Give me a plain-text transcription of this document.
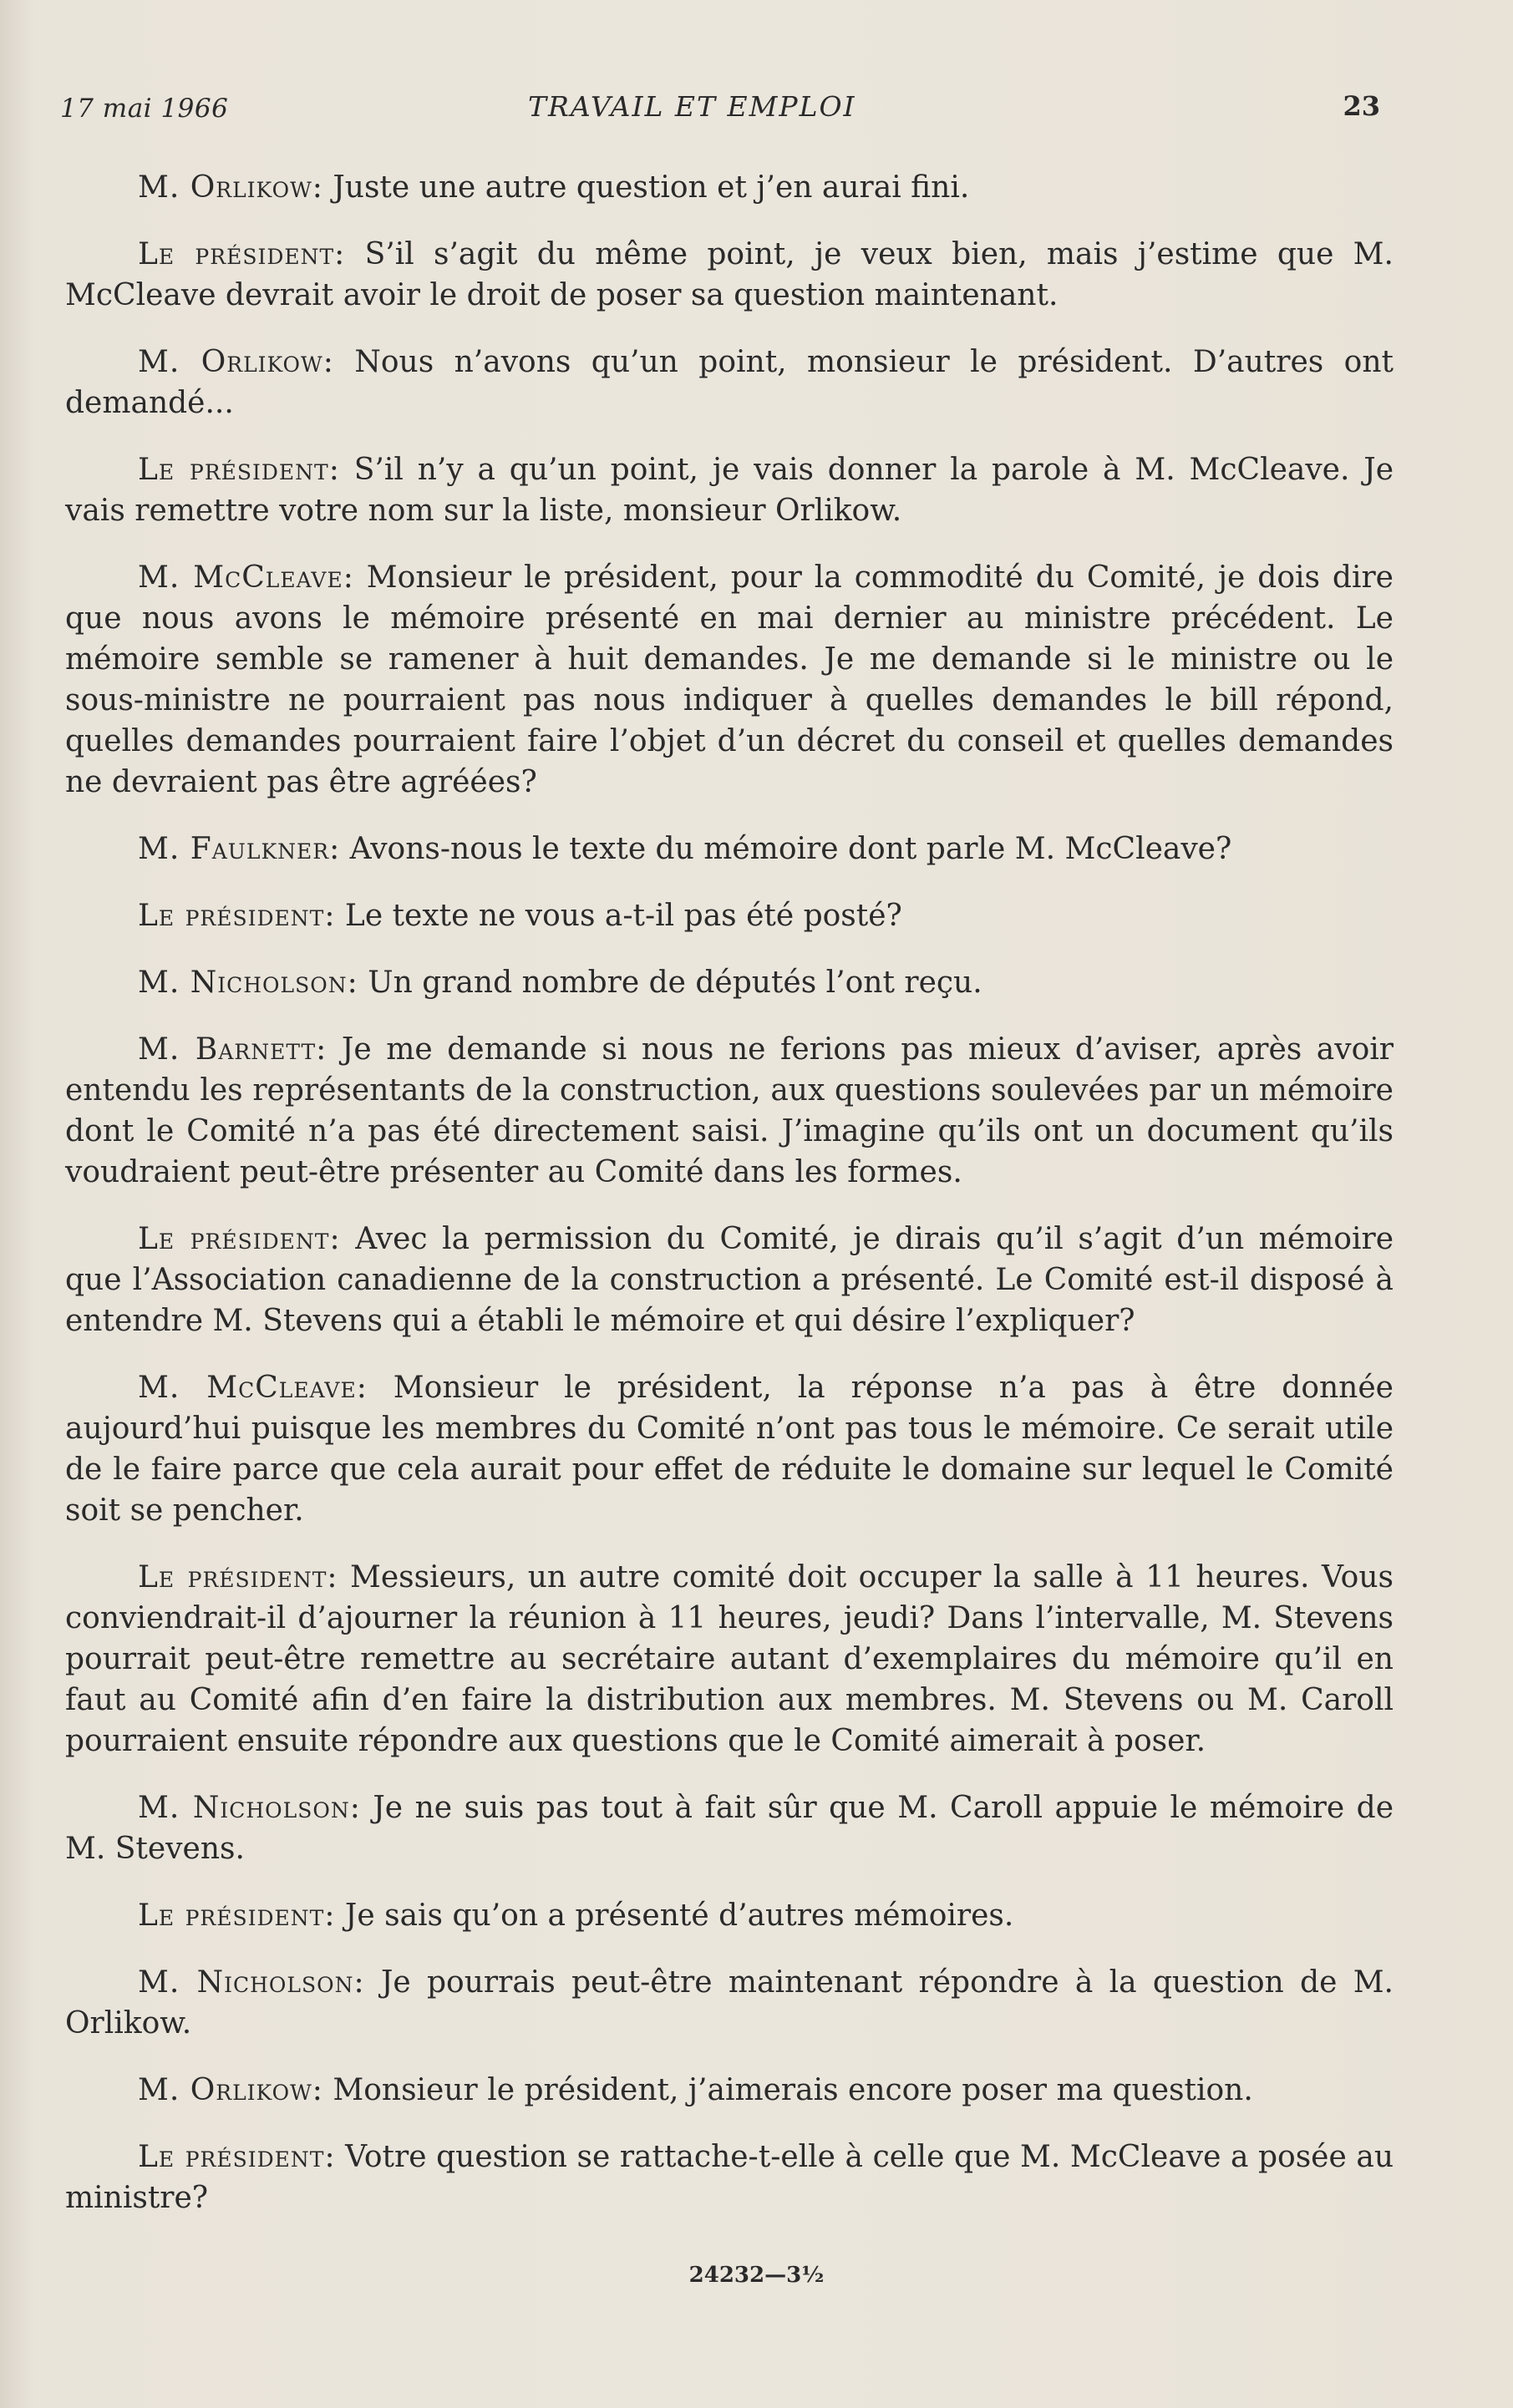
17 mai 1966	TRAVAIL ET EMPLOI	23

M. Orlikow: Juste une autre question et j’en aurai fini.

Le président: S’il s’agit du même point, je veux bien, mais j’estime que M. McCleave devrait avoir le droit de poser sa question maintenant.

M. Orlikow: Nous n’avons qu’un point, monsieur le président. D’autres ont demandé...

Le président: S’il n’y a qu’un point, je vais donner la parole à M. McCleave. Je vais remettre votre nom sur la liste, monsieur Orlikow.

M. McCleave: Monsieur le président, pour la commodité du Comité, je dois dire que nous avons le mémoire présenté en mai dernier au ministre précédent. Le mémoire semble se ramener à huit demandes. Je me demande si le ministre ou le sous-ministre ne pourraient pas nous indiquer à quelles demandes le bill répond, quelles demandes pourraient faire l’objet d’un décret du conseil et quelles demandes ne devraient pas être agréées?

M. Faulkner: Avons-nous le texte du mémoire dont parle M. McCleave?

Le président: Le texte ne vous a-t-il pas été posté?

M. Nicholson: Un grand nombre de députés l’ont reçu.

M. Barnett: Je me demande si nous ne ferions pas mieux d’aviser, après avoir entendu les représentants de la construction, aux questions soulevées par un mémoire dont le Comité n’a pas été directement saisi. J’imagine qu’ils ont un document qu’ils voudraient peut-être présenter au Comité dans les formes.

Le président: Avec la permission du Comité, je dirais qu’il s’agit d’un mémoire que l’Association canadienne de la construction a présenté. Le Comité est-il disposé à entendre M. Stevens qui a établi le mémoire et qui désire l’expliquer?

M. McCleave: Monsieur le président, la réponse n’a pas à être donnée aujourd’hui puisque les membres du Comité n’ont pas tous le mémoire. Ce serait utile de le faire parce que cela aurait pour effet de réduite le domaine sur lequel le Comité soit se pencher.

Le président: Messieurs, un autre comité doit occuper la salle à 11 heures. Vous conviendrait-il d’ajourner la réunion à 11 heures, jeudi? Dans l’intervalle, M. Stevens pourrait peut-être remettre au secrétaire autant d’exemplaires du mémoire qu’il en faut au Comité afin d’en faire la distribution aux membres. M. Stevens ou M. Caroll pourraient ensuite répondre aux questions que le Comité aimerait à poser.

M. Nicholson: Je ne suis pas tout à fait sûr que M. Caroll appuie le mémoire de M. Stevens.

Le président: Je sais qu’on a présenté d’autres mémoires.

M. Nicholson: Je pourrais peut-être maintenant répondre à la question de M. Orlikow.

M. Orlikow: Monsieur le président, j’aimerais encore poser ma question.

Le président: Votre question se rattache-t-elle à celle que M. McCleave a posée au ministre?

24232—3½
